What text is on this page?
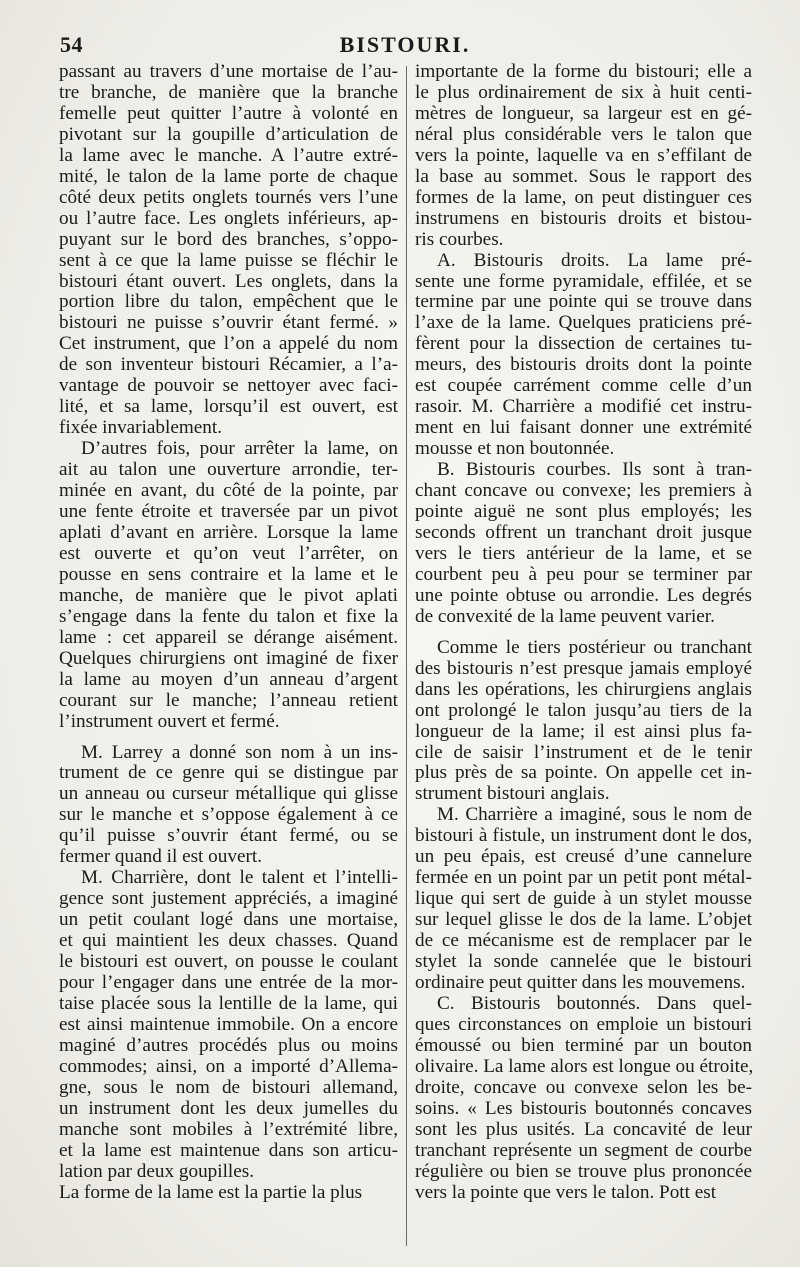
54	BISTOURI.
passant au travers d’une mortaise de l’au-
tre branche, de manière que la branche
femelle peut quitter l’autre à volonté en
pivotant sur la goupille d’articulation de
la lame avec le manche. A l’autre extré-
mité, le talon de la lame porte de chaque
côté deux petits onglets tournés vers l’une
ou l’autre face. Les onglets inférieurs, ap-
puyant sur le bord des branches, s’oppo-
sent à ce que la lame puisse se fléchir le
bistouri étant ouvert. Les onglets, dans la
portion libre du talon, empêchent que le
bistouri ne puisse s’ouvrir étant fermé. »
Cet instrument, que l’on a appelé du nom
de son inventeur bistouri Récamier, a l’a-
vantage de pouvoir se nettoyer avec faci-
lité, et sa lame, lorsqu’il est ouvert, est
fixée invariablement.
D’autres fois, pour arrêter la lame, on
ait au talon une ouverture arrondie, ter-
minée en avant, du côté de la pointe, par
une fente étroite et traversée par un pivot
aplati d’avant en arrière. Lorsque la lame
est ouverte et qu’on veut l’arrêter, on
pousse en sens contraire et la lame et le
manche, de manière que le pivot aplati
s’engage dans la fente du talon et fixe la
lame : cet appareil se dérange aisément.
Quelques chirurgiens ont imaginé de fixer
la lame au moyen d’un anneau d’argent
courant sur le manche; l’anneau retient
l’instrument ouvert et fermé.
M. Larrey a donné son nom à un ins-
trument de ce genre qui se distingue par
un anneau ou curseur métallique qui glisse
sur le manche et s’oppose également à ce
qu’il puisse s’ouvrir étant fermé, ou se
fermer quand il est ouvert.
M. Charrière, dont le talent et l’intelli-
gence sont justement appréciés, a imaginé
un petit coulant logé dans une mortaise,
et qui maintient les deux chasses. Quand
le bistouri est ouvert, on pousse le coulant
pour l’engager dans une entrée de la mor-
taise placée sous la lentille de la lame, qui
est ainsi maintenue immobile. On a encore
maginé d’autres procédés plus ou moins
commodes; ainsi, on a importé d’Allema-
gne, sous le nom de bistouri allemand,
un instrument dont les deux jumelles du
manche sont mobiles à l’extrémité libre,
et la lame est maintenue dans son articu-
lation par deux goupilles.
La forme de la lame est la partie la plus
importante de la forme du bistouri; elle a
le plus ordinairement de six à huit centi-
mètres de longueur, sa largeur est en gé-
néral plus considérable vers le talon que
vers la pointe, laquelle va en s’effilant de
la base au sommet. Sous le rapport des
formes de la lame, on peut distinguer ces
instrumens en bistouris droits et bistou-
ris courbes.
A. Bistouris droits. La lame pré-
sente une forme pyramidale, effilée, et se
termine par une pointe qui se trouve dans
l’axe de la lame. Quelques praticiens pré-
fèrent pour la dissection de certaines tu-
meurs, des bistouris droits dont la pointe
est coupée carrément comme celle d’un
rasoir. M. Charrière a modifié cet instru-
ment en lui faisant donner une extrémité
mousse et non boutonnée.
B. Bistouris courbes. Ils sont à tran-
chant concave ou convexe; les premiers à
pointe aiguë ne sont plus employés; les
seconds offrent un tranchant droit jusque
vers le tiers antérieur de la lame, et se
courbent peu à peu pour se terminer par
une pointe obtuse ou arrondie. Les degrés
de convexité de la lame peuvent varier.
Comme le tiers postérieur ou tranchant
des bistouris n’est presque jamais employé
dans les opérations, les chirurgiens anglais
ont prolongé le talon jusqu’au tiers de la
longueur de la lame; il est ainsi plus fa-
cile de saisir l’instrument et de le tenir
plus près de sa pointe. On appelle cet in-
strument bistouri anglais.
M. Charrière a imaginé, sous le nom de
bistouri à fistule, un instrument dont le dos,
un peu épais, est creusé d’une cannelure
fermée en un point par un petit pont métal-
lique qui sert de guide à un stylet mousse
sur lequel glisse le dos de la lame. L’objet
de ce mécanisme est de remplacer par le
stylet la sonde cannelée que le bistouri
ordinaire peut quitter dans les mouvemens.
C. Bistouris boutonnés. Dans quel-
ques circonstances on emploie un bistouri
émoussé ou bien terminé par un bouton
olivaire. La lame alors est longue ou étroite,
droite, concave ou convexe selon les be-
soins. « Les bistouris boutonnés concaves
sont les plus usités. La concavité de leur
tranchant représente un segment de courbe
régulière ou bien se trouve plus prononcée
vers la pointe que vers le talon. Pott est
